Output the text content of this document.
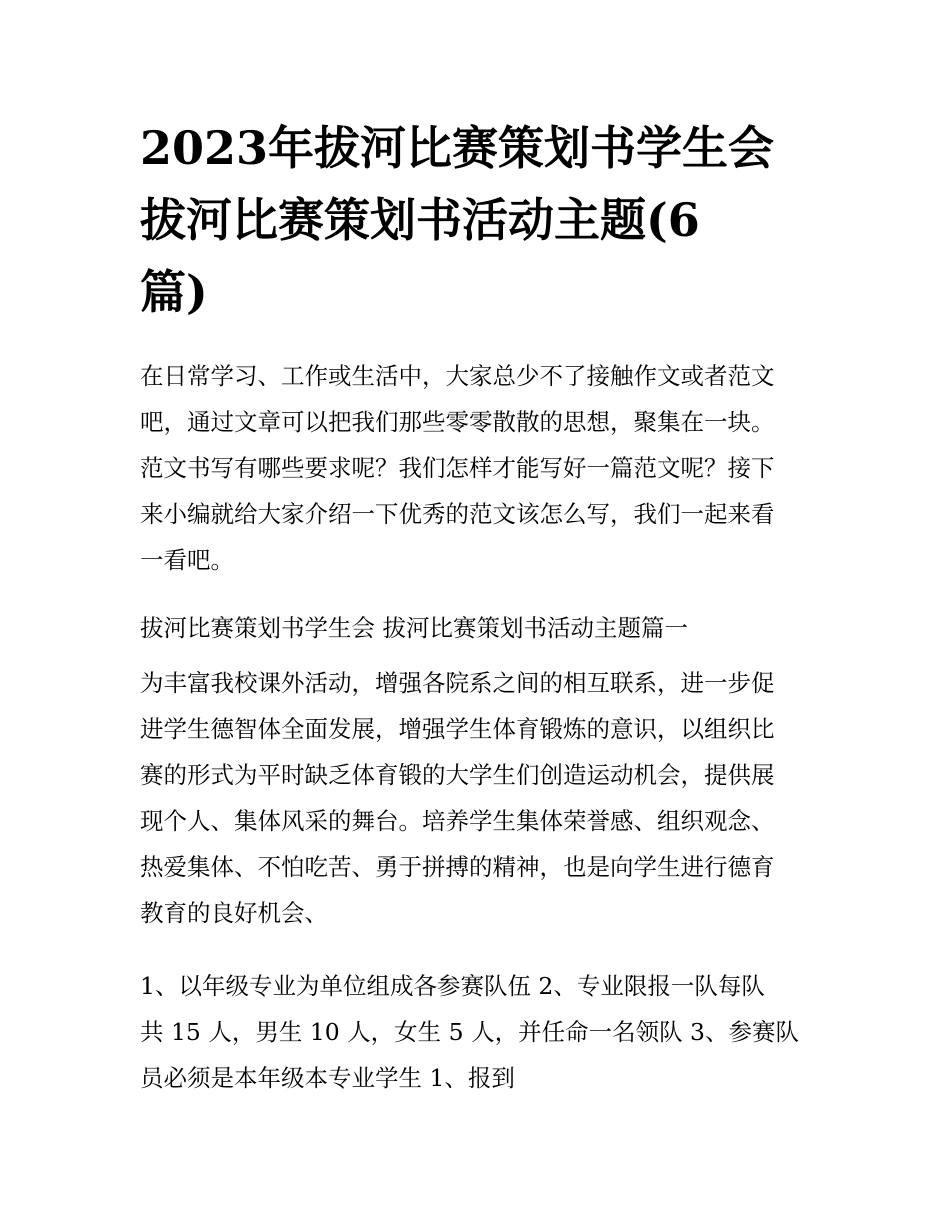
2023年拔河比赛策划书学生会
拔河比赛策划书活动主题(6
篇)

在日常学习、工作或生活中，大家总少不了接触作文或者范文
吧，通过文章可以把我们那些零零散散的思想，聚集在一块。
范文书写有哪些要求呢？我们怎样才能写好一篇范文呢？接下
来小编就给大家介绍一下优秀的范文该怎么写，我们一起来看
一看吧。

拔河比赛策划书学生会 拔河比赛策划书活动主题篇一

为丰富我校课外活动，增强各院系之间的相互联系，进一步促
进学生德智体全面发展，增强学生体育锻炼的意识，以组织比
赛的形式为平时缺乏体育锻的大学生们创造运动机会，提供展
现个人、集体风采的舞台。培养学生集体荣誉感、组织观念、
热爱集体、不怕吃苦、勇于拼搏的精神，也是向学生进行德育
教育的良好机会、

1、以年级专业为单位组成各参赛队伍 2、专业限报一队每队
共 15 人，男生 10 人，女生 5 人，并任命一名领队 3、参赛队
员必须是本年级本专业学生 1、报到
